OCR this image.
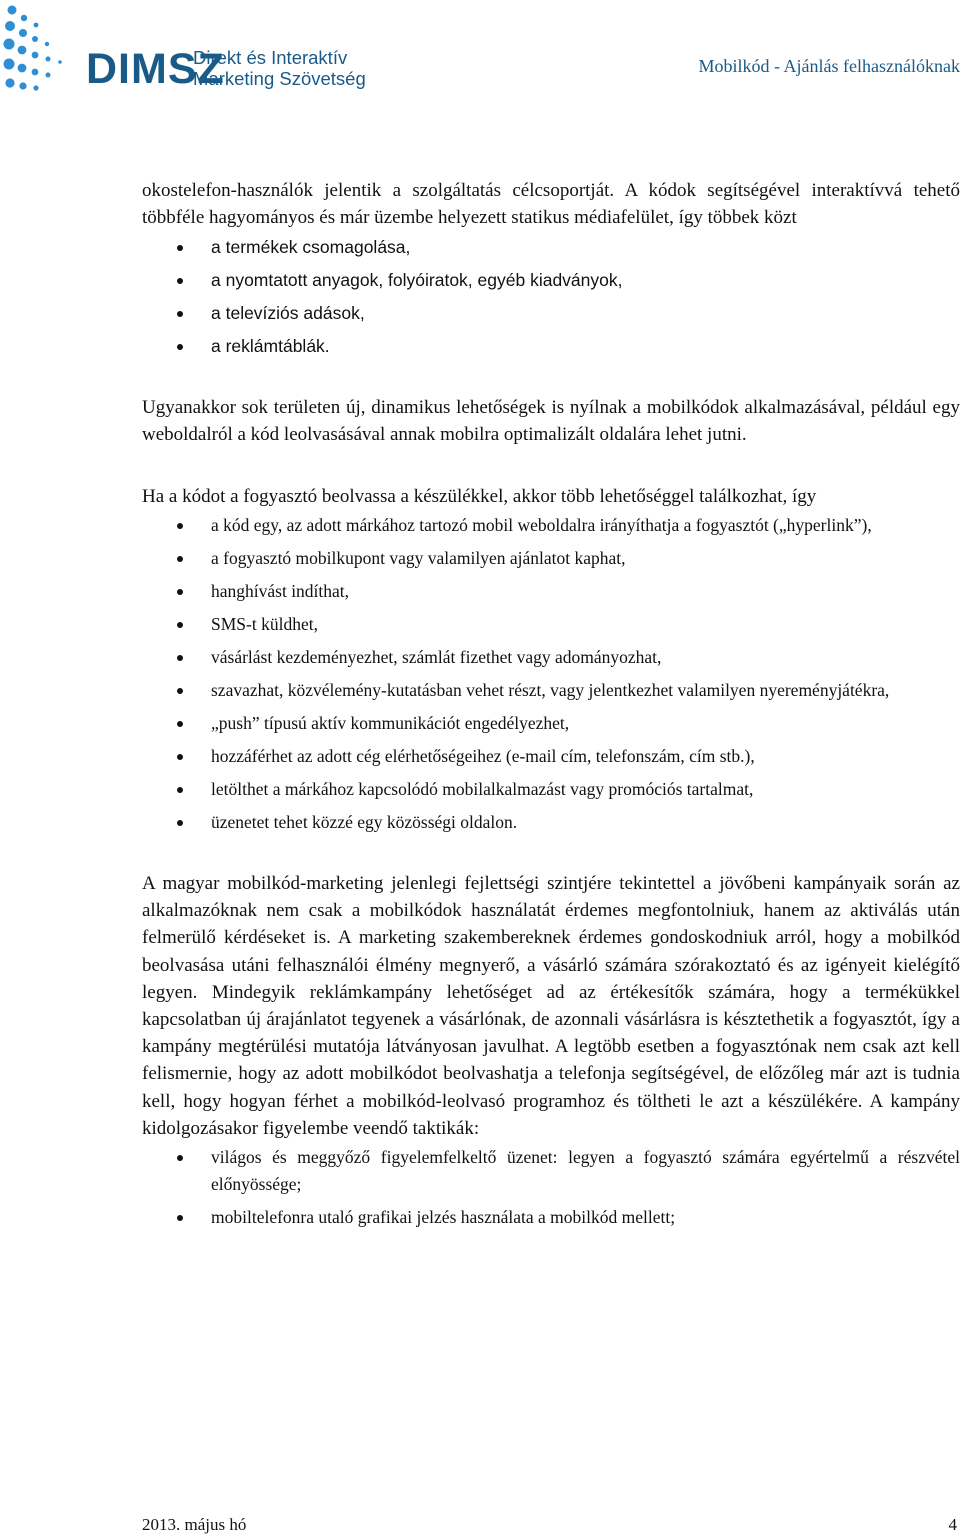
DIMSZ
Direkt és Interaktív
Marketing Szövetség
Mobilkód - Ajánlás felhasználóknak

okostelefon-használók jelentik a szolgáltatás célcsoportját. A kódok segítségével interaktívvá tehető többféle hagyományos és már üzembe helyezett statikus médiafelület, így többek közt

a termékek csomagolása,
a nyomtatott anyagok, folyóiratok, egyéb kiadványok,
a televíziós adások,
a reklámtáblák.

Ugyanakkor sok területen új, dinamikus lehetőségek is nyílnak a mobilkódok alkalmazásával, például egy weboldalról a kód leolvasásával annak mobilra optimalizált oldalára lehet jutni.

Ha a kódot a fogyasztó beolvassa a készülékkel, akkor több lehetőséggel találkozhat, így

a kód egy, az adott márkához tartozó mobil weboldalra irányíthatja a fogyasztót („hyperlink”),
a fogyasztó mobilkupont vagy valamilyen ajánlatot kaphat,
hanghívást indíthat,
SMS-t küldhet,
vásárlást kezdeményezhet, számlát fizethet vagy adományozhat,
szavazhat, közvélemény-kutatásban vehet részt, vagy jelentkezhet valamilyen nyereményjátékra,
„push” típusú aktív kommunikációt engedélyezhet,
hozzáférhet az adott cég elérhetőségeihez (e-mail cím, telefonszám, cím stb.),
letölthet a márkához kapcsolódó mobilalkalmazást vagy promóciós tartalmat,
üzenetet tehet közzé egy közösségi oldalon.

A magyar mobilkód-marketing jelenlegi fejlettségi szintjére tekintettel a jövőbeni kampányaik során az alkalmazóknak nem csak a mobilkódok használatát érdemes megfontolniuk, hanem az aktiválás után felmerülő kérdéseket is. A marketing szakembereknek érdemes gondoskodniuk arról, hogy a mobilkód beolvasása utáni felhasználói élmény megnyerő, a vásárló számára szórakoztató és az igényeit kielégítő legyen. Mindegyik reklámkampány lehetőséget ad az értékesítők számára, hogy a termékükkel kapcsolatban új árajánlatot tegyenek a vásárlónak, de azonnali vásárlásra is késztethetik a fogyasztót, így a kampány megtérülési mutatója látványosan javulhat. A legtöbb esetben a fogyasztónak nem csak azt kell felismernie, hogy az adott mobilkódot beolvashatja a telefonja segítségével, de előzőleg már azt is tudnia kell, hogy hogyan férhet a mobilkód-leolvasó programhoz és töltheti le azt a készülékére. A kampány kidolgozásakor figyelembe veendő taktikák:

világos és meggyőző figyelemfelkeltő üzenet: legyen a fogyasztó számára egyértelmű a részvétel előnyössége;
mobiltelefonra utaló grafikai jelzés használata a mobilkód mellett;
2013. május hó	4
